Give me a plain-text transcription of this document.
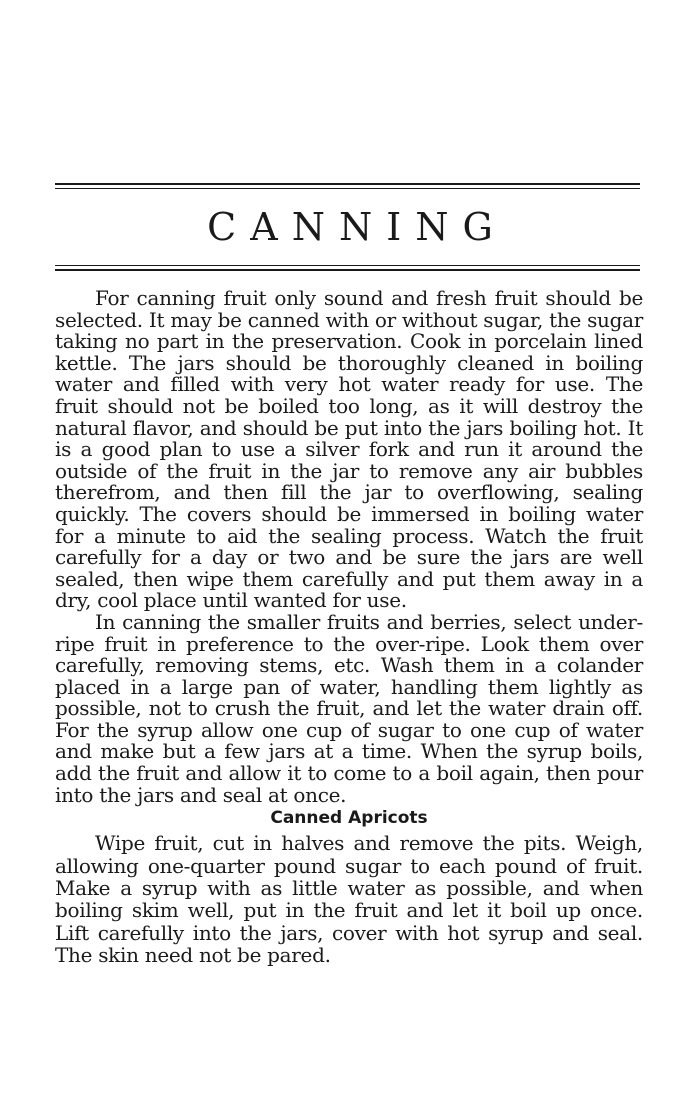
CANNING

For canning fruit only sound and fresh fruit should be selected. It may be canned with or without sugar, the sugar taking no part in the preservation. Cook in porcelain lined kettle. The jars should be thoroughly cleaned in boiling water and filled with very hot water ready for use. The fruit should not be boiled too long, as it will destroy the natural flavor, and should be put into the jars boiling hot. It is a good plan to use a silver fork and run it around the outside of the fruit in the jar to remove any air bubbles therefrom, and then fill the jar to overflowing, sealing quickly. The covers should be immersed in boiling water for a minute to aid the sealing process. Watch the fruit carefully for a day or two and be sure the jars are well sealed, then wipe them carefully and put them away in a dry, cool place until wanted for use.

In canning the smaller fruits and berries, select under-ripe fruit in preference to the over-ripe. Look them over carefully, removing stems, etc. Wash them in a colander placed in a large pan of water, handling them lightly as possible, not to crush the fruit, and let the water drain off. For the syrup allow one cup of sugar to one cup of water and make but a few jars at a time. When the syrup boils, add the fruit and allow it to come to a boil again, then pour into the jars and seal at once.

Canned Apricots

Wipe fruit, cut in halves and remove the pits. Weigh, allowing one-quarter pound sugar to each pound of fruit. Make a syrup with as little water as possible, and when boiling skim well, put in the fruit and let it boil up once. Lift carefully into the jars, cover with hot syrup and seal. The skin need not be pared.
